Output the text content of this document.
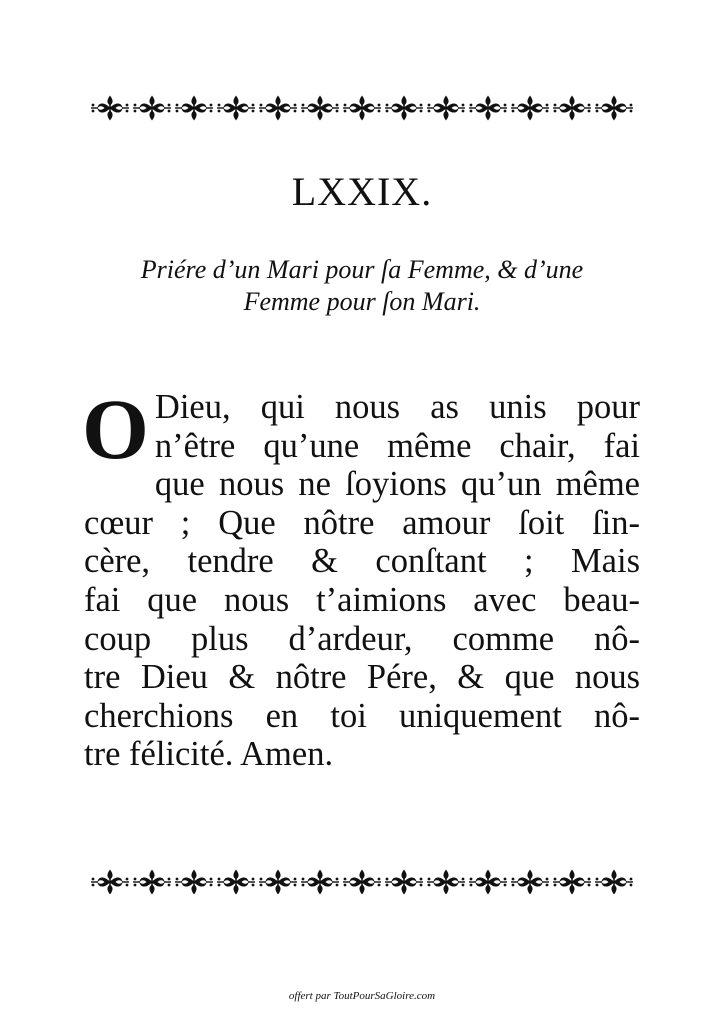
LXXIX.
Priére d’un Mari pour ſa Femme, & d’une
Femme pour ſon Mari.
O Dieu, qui nous as unis pour
n’être qu’une même chair, fai
que nous ne ſoyions qu’un même
cœur ; Que nôtre amour ſoit ſin-
cère, tendre & conſtant ; Mais
fai que nous t’aimions avec beau-
coup plus d’ardeur, comme nô-
tre Dieu & nôtre Pére, & que nous
cherchions en toi uniquement nô-
tre félicité. Amen.
offert par ToutPourSaGloire.com
